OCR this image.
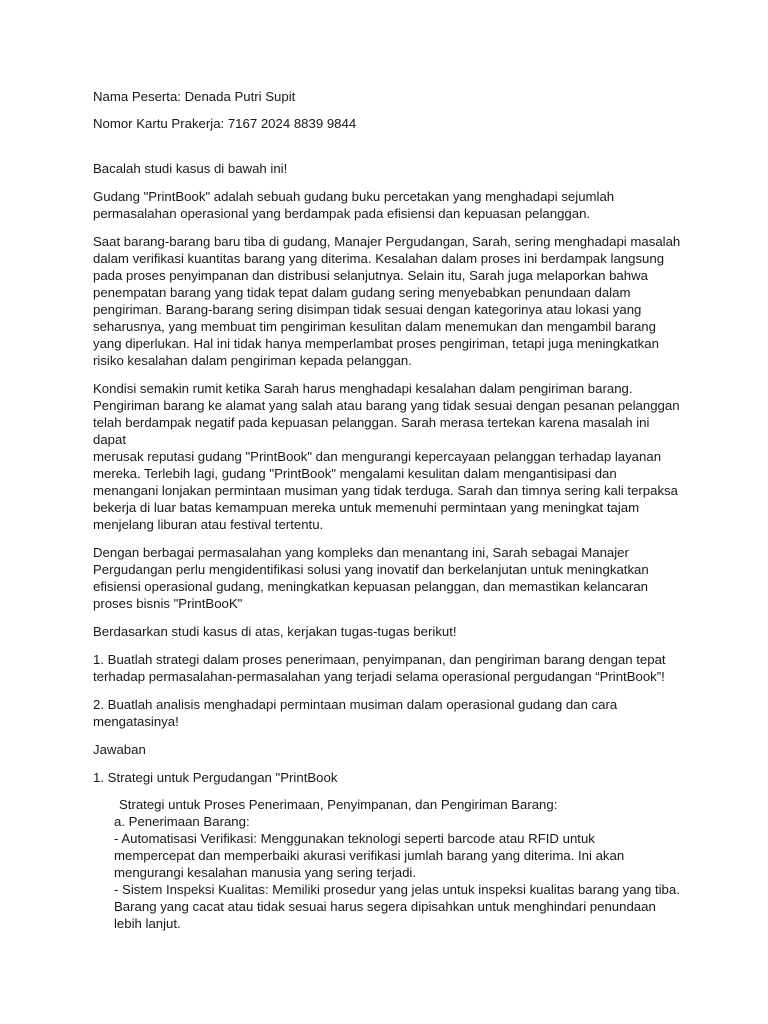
Nama Peserta: Denada Putri Supit

Nomor Kartu Prakerja: 7167 2024 8839 9844

Bacalah studi kasus di bawah ini!

Gudang "PrintBook" adalah sebuah gudang buku percetakan yang menghadapi sejumlah
permasalahan operasional yang berdampak pada efisiensi dan kepuasan pelanggan.

Saat barang-barang baru tiba di gudang, Manajer Pergudangan, Sarah, sering menghadapi masalah
dalam verifikasi kuantitas barang yang diterima. Kesalahan dalam proses ini berdampak langsung
pada proses penyimpanan dan distribusi selanjutnya. Selain itu, Sarah juga melaporkan bahwa
penempatan barang yang tidak tepat dalam gudang sering menyebabkan penundaan dalam
pengiriman. Barang-barang sering disimpan tidak sesuai dengan kategorinya atau lokasi yang
seharusnya, yang membuat tim pengiriman kesulitan dalam menemukan dan mengambil barang
yang diperlukan. Hal ini tidak hanya memperlambat proses pengiriman, tetapi juga meningkatkan
risiko kesalahan dalam pengiriman kepada pelanggan.

Kondisi semakin rumit ketika Sarah harus menghadapi kesalahan dalam pengiriman barang.
Pengiriman barang ke alamat yang salah atau barang yang tidak sesuai dengan pesanan pelanggan
telah berdampak negatif pada kepuasan pelanggan. Sarah merasa tertekan karena masalah ini dapat
merusak reputasi gudang "PrintBook" dan mengurangi kepercayaan pelanggan terhadap layanan
mereka. Terlebih lagi, gudang "PrintBook" mengalami kesulitan dalam mengantisipasi dan
menangani lonjakan permintaan musiman yang tidak terduga. Sarah dan timnya sering kali terpaksa
bekerja di luar batas kemampuan mereka untuk memenuhi permintaan yang meningkat tajam
menjelang liburan atau festival tertentu.

Dengan berbagai permasalahan yang kompleks dan menantang ini, Sarah sebagai Manajer
Pergudangan perlu mengidentifikasi solusi yang inovatif dan berkelanjutan untuk meningkatkan
efisiensi operasional gudang, meningkatkan kepuasan pelanggan, dan memastikan kelancaran
proses bisnis "PrintBooK"

Berdasarkan studi kasus di atas, kerjakan tugas-tugas berikut!

1. Buatlah strategi dalam proses penerimaan, penyimpanan, dan pengiriman barang dengan tepat
terhadap permasalahan-permasalahan yang terjadi selama operasional pergudangan “PrintBook”!

2. Buatlah analisis menghadapi permintaan musiman dalam operasional gudang dan cara
mengatasinya!

Jawaban

1. Strategi untuk Pergudangan "PrintBook

Strategi untuk Proses Penerimaan, Penyimpanan, dan Pengiriman Barang:

a. Penerimaan Barang:

- Automatisasi Verifikasi: Menggunakan teknologi seperti barcode atau RFID untuk
mempercepat dan memperbaiki akurasi verifikasi jumlah barang yang diterima. Ini akan
mengurangi kesalahan manusia yang sering terjadi.

- Sistem Inspeksi Kualitas: Memiliki prosedur yang jelas untuk inspeksi kualitas barang yang tiba.
Barang yang cacat atau tidak sesuai harus segera dipisahkan untuk menghindari penundaan
lebih lanjut.
